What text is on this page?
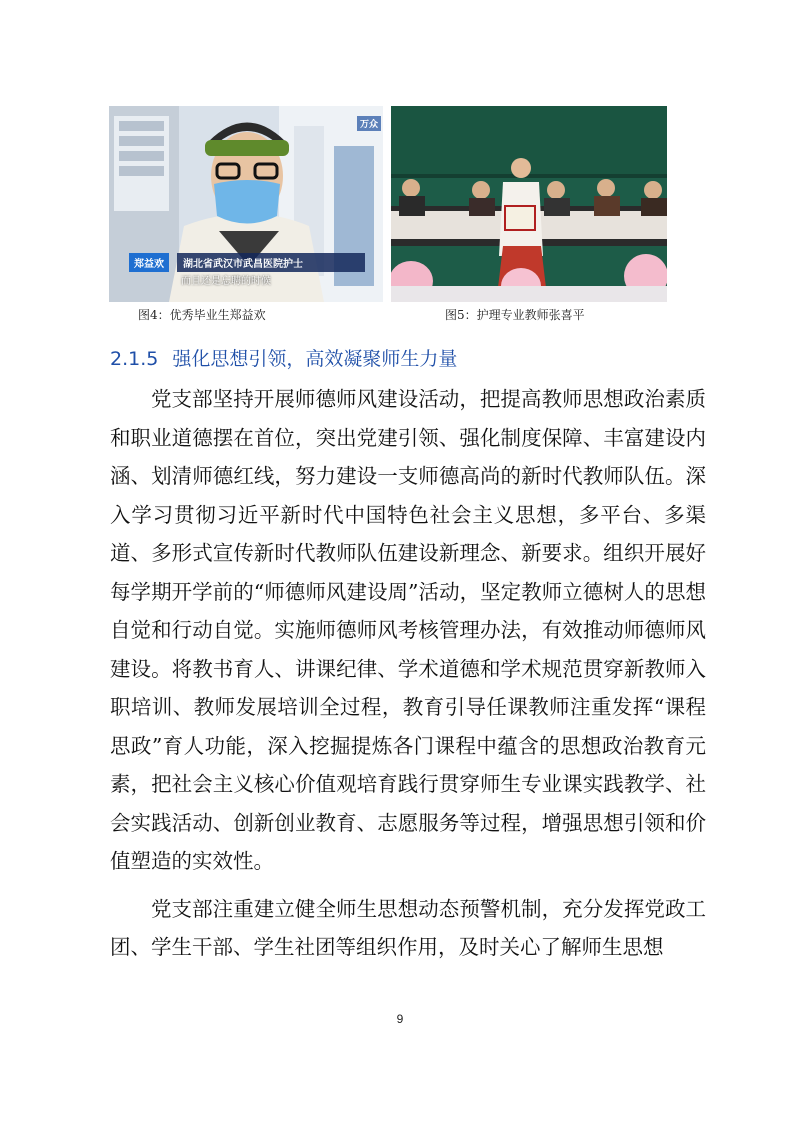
郑益欢	湖北省武汉市武昌医院护士
而且还是忘聘的时候
万众
图4：优秀毕业生郑益欢	图5：护理专业教师张喜平
2.1.5 强化思想引领，高效凝聚师生力量

党支部坚持开展师德师风建设活动，把提高教师思想政治素质和职业道德摆在首位，突出党建引领、强化制度保障、丰富建设内涵、划清师德红线，努力建设一支师德高尚的新时代教师队伍。深入学习贯彻习近平新时代中国特色社会主义思想，多平台、多渠道、多形式宣传新时代教师队伍建设新理念、新要求。组织开展好每学期开学前的“师德师风建设周”活动，坚定教师立德树人的思想自觉和行动自觉。实施师德师风考核管理办法，有效推动师德师风建设。将教书育人、讲课纪律、学术道德和学术规范贯穿新教师入职培训、教师发展培训全过程，教育引导任课教师注重发挥“课程思政”育人功能，深入挖掘提炼各门课程中蕴含的思想政治教育元素，把社会主义核心价值观培育践行贯穿师生专业课实践教学、社会实践活动、创新创业教育、志愿服务等过程，增强思想引领和价值塑造的实效性。

党支部注重建立健全师生思想动态预警机制，充分发挥党政工团、学生干部、学生社团等组织作用，及时关心了解师生思想

9
